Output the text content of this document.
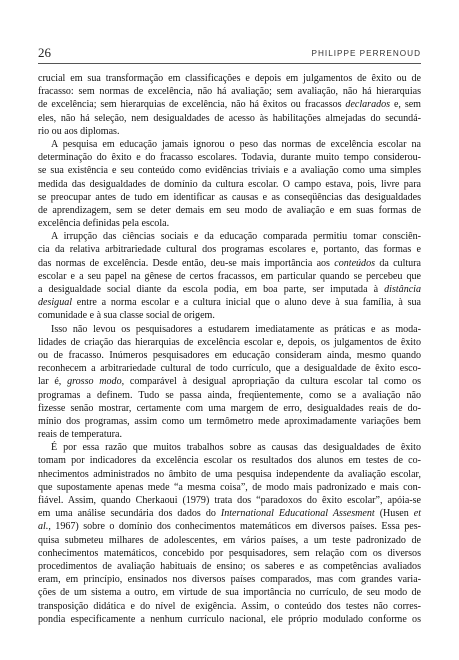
26	PHILIPPE PERRENOUD
crucial em sua transformação em classificações e depois em julgamentos de êxito ou de
fracasso: sem normas de excelência, não há avaliação; sem avaliação, não há hierarquias
de excelência; sem hierarquias de excelência, não há êxitos ou fracassos declarados e, sem
eles, não há seleção, nem desigualdades de acesso às habilitações almejadas do secundá-
rio ou aos diplomas.
A pesquisa em educação jamais ignorou o peso das normas de excelência escolar na
determinação do êxito e do fracasso escolares. Todavia, durante muito tempo considerou-
se sua existência e seu conteúdo como evidências triviais e a avaliação como uma simples
medida das desigualdades de domínio da cultura escolar. O campo estava, pois, livre para
se preocupar antes de tudo em identificar as causas e as conseqüências das desigualdades
de aprendizagem, sem se deter demais em seu modo de avaliação e em suas formas de
excelência definidas pela escola.
A irrupção das ciências sociais e da educação comparada permitiu tomar consciên-
cia da relativa arbitrariedade cultural dos programas escolares e, portanto, das formas e
das normas de excelência. Desde então, deu-se mais importância aos conteúdos da cultura
escolar e a seu papel na gênese de certos fracassos, em particular quando se percebeu que
a desigualdade social diante da escola podia, em boa parte, ser imputada à distância
desigual entre a norma escolar e a cultura inicial que o aluno deve à sua família, à sua
comunidade e à sua classe social de origem.
Isso não levou os pesquisadores a estudarem imediatamente as práticas e as moda-
lidades de criação das hierarquias de excelência escolar e, depois, os julgamentos de êxito
ou de fracasso. Inúmeros pesquisadores em educação consideram ainda, mesmo quando
reconhecem a arbitrariedade cultural de todo currículo, que a desigualdade de êxito esco-
lar é, grosso modo, comparável à desigual apropriação da cultura escolar tal como os
programas a definem. Tudo se passa ainda, freqüentemente, como se a avaliação não
fizesse senão mostrar, certamente com uma margem de erro, desigualdades reais de do-
mínio dos programas, assim como um termômetro mede aproximadamente variações bem
reais de temperatura.
É por essa razão que muitos trabalhos sobre as causas das desigualdades de êxito
tomam por indicadores da excelência escolar os resultados dos alunos em testes de co-
nhecimentos administrados no âmbito de uma pesquisa independente da avaliação escolar,
que supostamente apenas mede “a mesma coisa”, de modo mais padronizado e mais con-
fiável. Assim, quando Cherkaoui (1979) trata dos “paradoxos do êxito escolar”, apóia-se
em uma análise secundária dos dados do International Educational Assesment (Husen et
al., 1967) sobre o domínio dos conhecimentos matemáticos em diversos países. Essa pes-
quisa submeteu milhares de adolescentes, em vários países, a um teste padronizado de
conhecimentos matemáticos, concebido por pesquisadores, sem relação com os diversos
procedimentos de avaliação habituais de ensino; os saberes e as competências avaliados
eram, em princípio, ensinados nos diversos países comparados, mas com grandes varia-
ções de um sistema a outro, em virtude de sua importância no currículo, de seu modo de
transposição didática e do nível de exigência. Assim, o conteúdo dos testes não corres-
pondia especificamente a nenhum currículo nacional, ele próprio modulado conforme os
